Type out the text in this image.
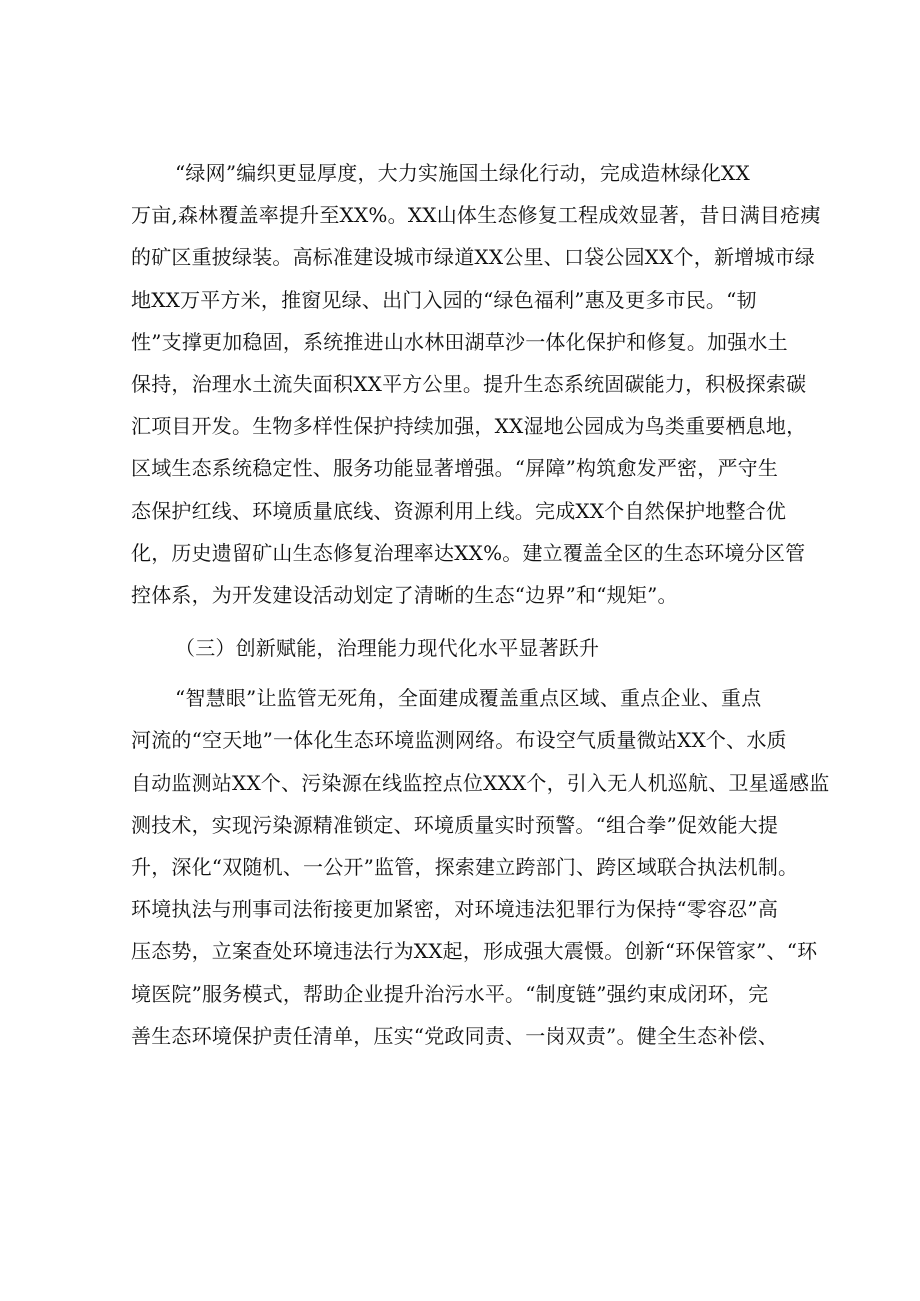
“绿网”编织更显厚度，大力实施国土绿化行动，完成造林绿化XX
万亩,森林覆盖率提升至XX%。XX山体生态修复工程成效显著，昔日满目疮痍
的矿区重披绿装。高标准建设城市绿道XX公里、口袋公园XX个，新增城市绿
地XX万平方米，推窗见绿、出门入园的“绿色福利”惠及更多市民。“韧
性”支撑更加稳固，系统推进山水林田湖草沙一体化保护和修复。加强水土
保持，治理水土流失面积XX平方公里。提升生态系统固碳能力，积极探索碳
汇项目开发。生物多样性保护持续加强，XX湿地公园成为鸟类重要栖息地，
区域生态系统稳定性、服务功能显著增强。“屏障”构筑愈发严密，严守生
态保护红线、环境质量底线、资源利用上线。完成XX个自然保护地整合优
化，历史遗留矿山生态修复治理率达XX%。建立覆盖全区的生态环境分区管
控体系，为开发建设活动划定了清晰的生态“边界”和“规矩”。
（三）创新赋能，治理能力现代化水平显著跃升
“智慧眼”让监管无死角，全面建成覆盖重点区域、重点企业、重点
河流的“空天地”一体化生态环境监测网络。布设空气质量微站XX个、水质
自动监测站XX个、污染源在线监控点位XXX个，引入无人机巡航、卫星遥感监
测技术，实现污染源精准锁定、环境质量实时预警。“组合拳”促效能大提
升，深化“双随机、一公开”监管，探索建立跨部门、跨区域联合执法机制。
环境执法与刑事司法衔接更加紧密，对环境违法犯罪行为保持“零容忍”高
压态势，立案查处环境违法行为XX起，形成强大震慑。创新“环保管家”、“环
境医院”服务模式，帮助企业提升治污水平。“制度链”强约束成闭环，完
善生态环境保护责任清单，压实“党政同责、一岗双责”。健全生态补偿、
